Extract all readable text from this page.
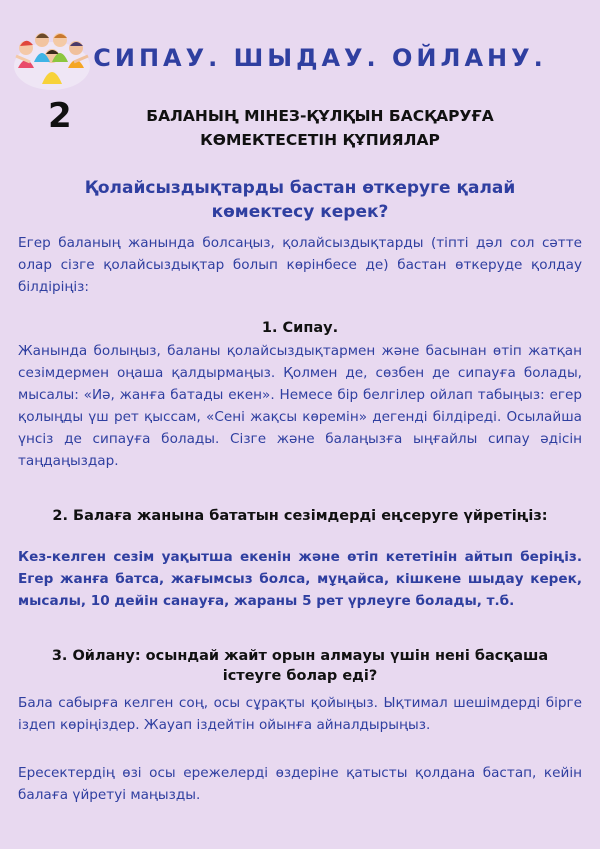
СИПАУ. ШЫДАУ. ОЙЛАНУ.
2	БАЛАНЫҢ МІНЕЗ-ҚҰЛҚЫН БАСҚАРУҒА КӨМЕКТЕСЕТІН ҚҰПИЯЛАР
Қолайсыздықтарды бастан өткеруге қалай көмектесу керек?
Егер баланың жанында болсаңыз, қолайсыздықтарды (тіпті дәл сол сәтте олар сізге қолайсыздықтар болып көрінбесе де) бастан өткеруде қолдау білдіріңіз:
1. Сипау.
Жанында болыңыз, баланы қолайсыздықтармен және басынан өтіп жатқан сезімдермен оңаша қалдырмаңыз. Қолмен де, сөзбен де сипауға болады, мысалы: «Иә, жанға батады екен». Немесе бір белгілер ойлап табыңыз: егер қолыңды үш рет қыссам, «Сені жақсы көремін» дегенді білдіреді. Осылайша үнсіз де сипауға болады. Сізге және балаңызға ыңғайлы сипау әдісін таңдаңыздар.
2. Балаға жанына бататын сезімдерді еңсеруге үйретіңіз:
Кез-келген сезім уақытша екенін және өтіп кететінін айтып беріңіз. Егер жанға батса, жағымсыз болса, мұңайса, кішкене шыдау керек, мысалы, 10 дейін санауға, жараны 5 рет үрлеуге болады, т.б.
3. Ойлану: осындай жайт орын алмауы үшін нені басқаша істеуге болар еді?
Бала сабырға келген соң, осы сұрақты қойыңыз. Ықтимал шешімдерді бірге іздеп көріңіздер. Жауап іздейтін ойынға айналдырыңыз.
Ересектердің өзі осы ережелерді өздеріне қатысты қолдана бастап, кейін балаға үйретуі маңызды.
